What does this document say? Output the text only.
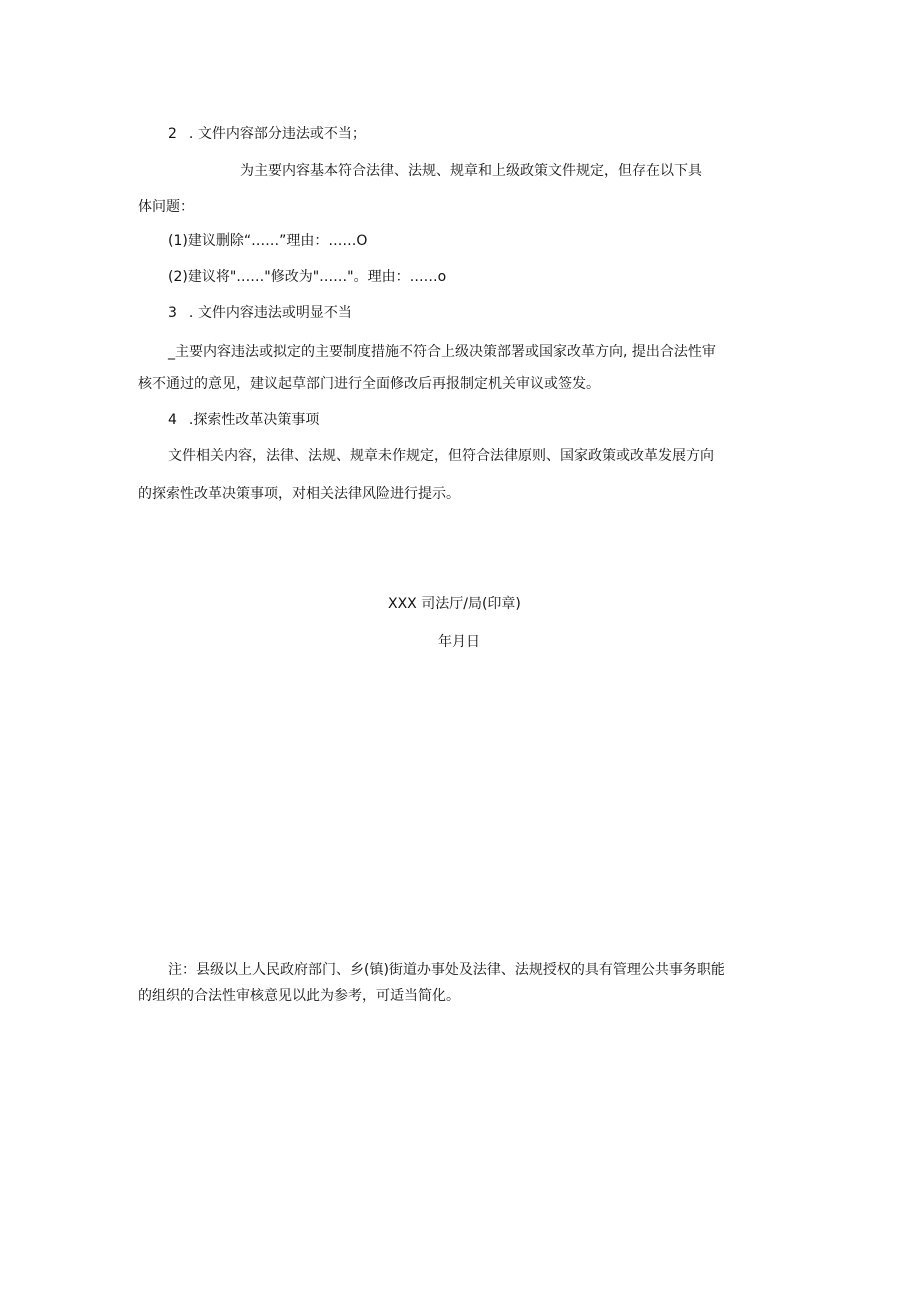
2 . 文件内容部分违法或不当；
为主要内容基本符合法律、法规、规章和上级政策文件规定，但存在以下具
体问题：
(1)建议删除“……”理由：……O
(2)建议将"……"修改为"……"。理由：……o
3 . 文件内容违法或明显不当
_主要内容违法或拟定的主要制度措施不符合上级决策部署或国家改革方向, 提出合法性审
核不通过的意见，建议起草部门进行全面修改后再报制定机关审议或签发。
4 .探索性改革决策事项
文件相关内容，法律、法规、规章未作规定，但符合法律原则、国家政策或改革发展方向
的探索性改革决策事项，对相关法律风险进行提示。
XXX 司法厅/局(印章)
年月日
注：县级以上人民政府部门、乡(镇)街道办事处及法律、法规授权的具有管理公共事务职能
的组织的合法性审核意见以此为参考，可适当简化。
